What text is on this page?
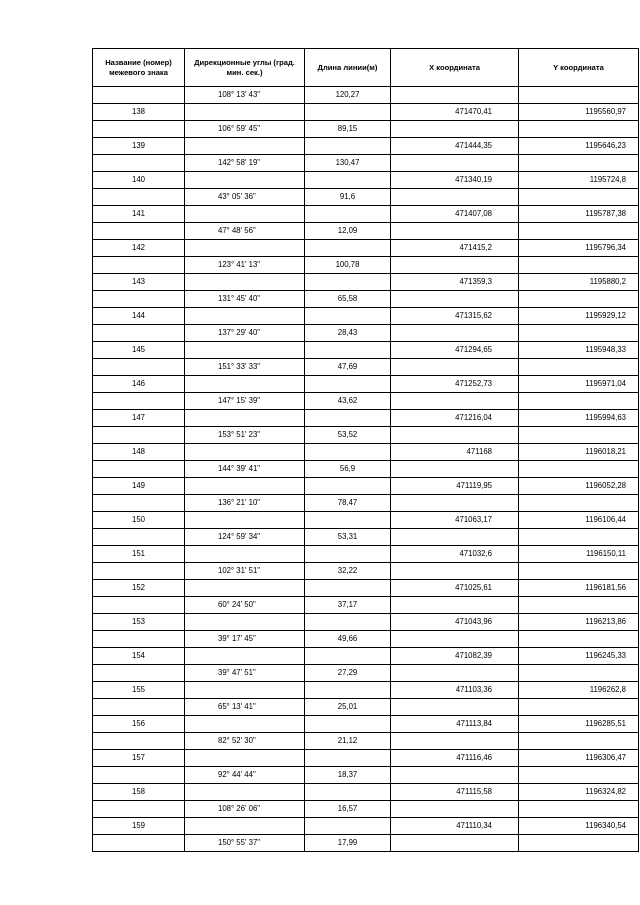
Название (номер) межевого знака	Дирекционные углы (град. мин. сек.)	Длина линии(м)	X координата	Y координата
	108° 13' 43"	120,27		
138			471470,41	1195560,97
	106° 59' 45"	89,15		
139			471444,35	1195646,23
	142° 58' 19"	130,47		
140			471340,19	1195724,8
	43° 05' 36"	91,6		
141			471407,08	1195787,38
	47° 48' 56"	12,09		
142			471415,2	1195796,34
	123° 41' 13"	100,78		
143			471359,3	1195880,2
	131° 45' 40"	65,58		
144			471315,62	1195929,12
	137° 29' 40"	28,43		
145			471294,65	1195948,33
	151° 33' 33"	47,69		
146			471252,73	1195971,04
	147° 15' 39"	43,62		
147			471216,04	1195994,63
	153° 51' 23"	53,52		
148			471168	1196018,21
	144° 39' 41"	56,9		
149			471119,95	1196052,28
	136° 21' 10"	78,47		
150			471063,17	1196106,44
	124° 59' 34"	53,31		
151			471032,6	1196150,11
	102° 31' 51"	32,22		
152			471025,61	1196181,56
	60° 24' 50"	37,17		
153			471043,96	1196213,86
	39° 17' 45"	49,66		
154			471082,39	1196245,33
	39° 47' 51"	27,29		
155			471103,36	1196262,8
	65° 13' 41"	25,01		
156			471113,84	1196285,51
	82° 52' 30"	21,12		
157			471116,46	1196306,47
	92° 44' 44"	18,37		
158			471115,58	1196324,82
	108° 26' 06"	16,57		
159			471110,34	1196340,54
	150° 55' 37"	17,99		
